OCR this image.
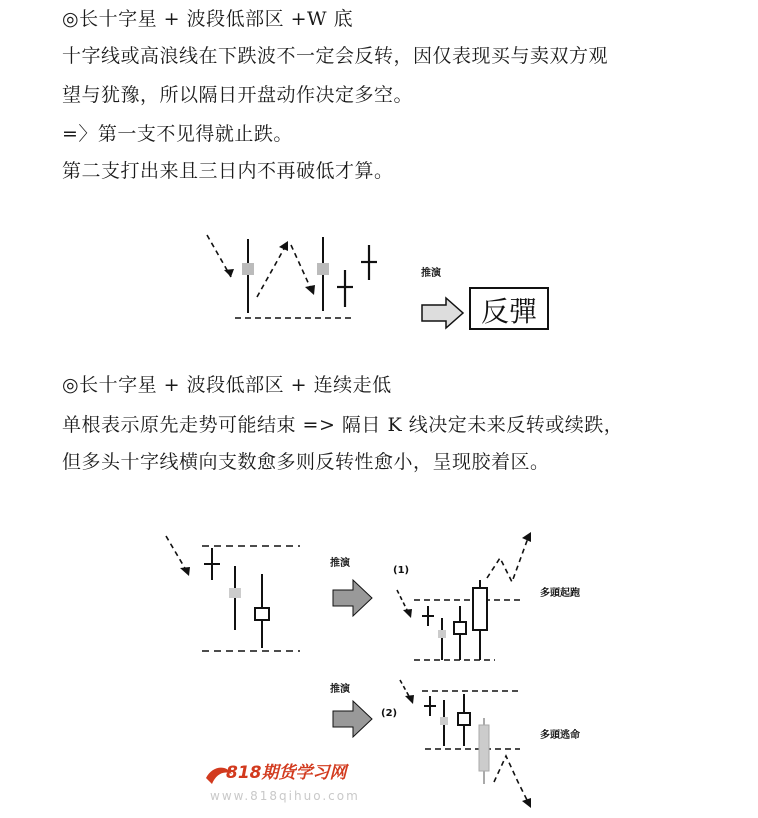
◎长十字星 + 波段低部区 +W 底
十字线或高浪线在下跌波不一定会反转，因仅表现买与卖双方观
望与犹豫，所以隔日开盘动作决定多空。
=〉第一支不见得就止跌。
第二支打出来且三日内不再破低才算。
推演
反彈
◎长十字星 + 波段低部区 + 连续走低
单根表示原先走势可能结束 => 隔日 K 线决定未来反转或续跌，
但多头十字线横向支数愈多则反转性愈小，呈现胶着区。
推演
(1)
多頭起跑
推演
(2)
多頭逃命
818期货学习网
www.818qihuo.com
